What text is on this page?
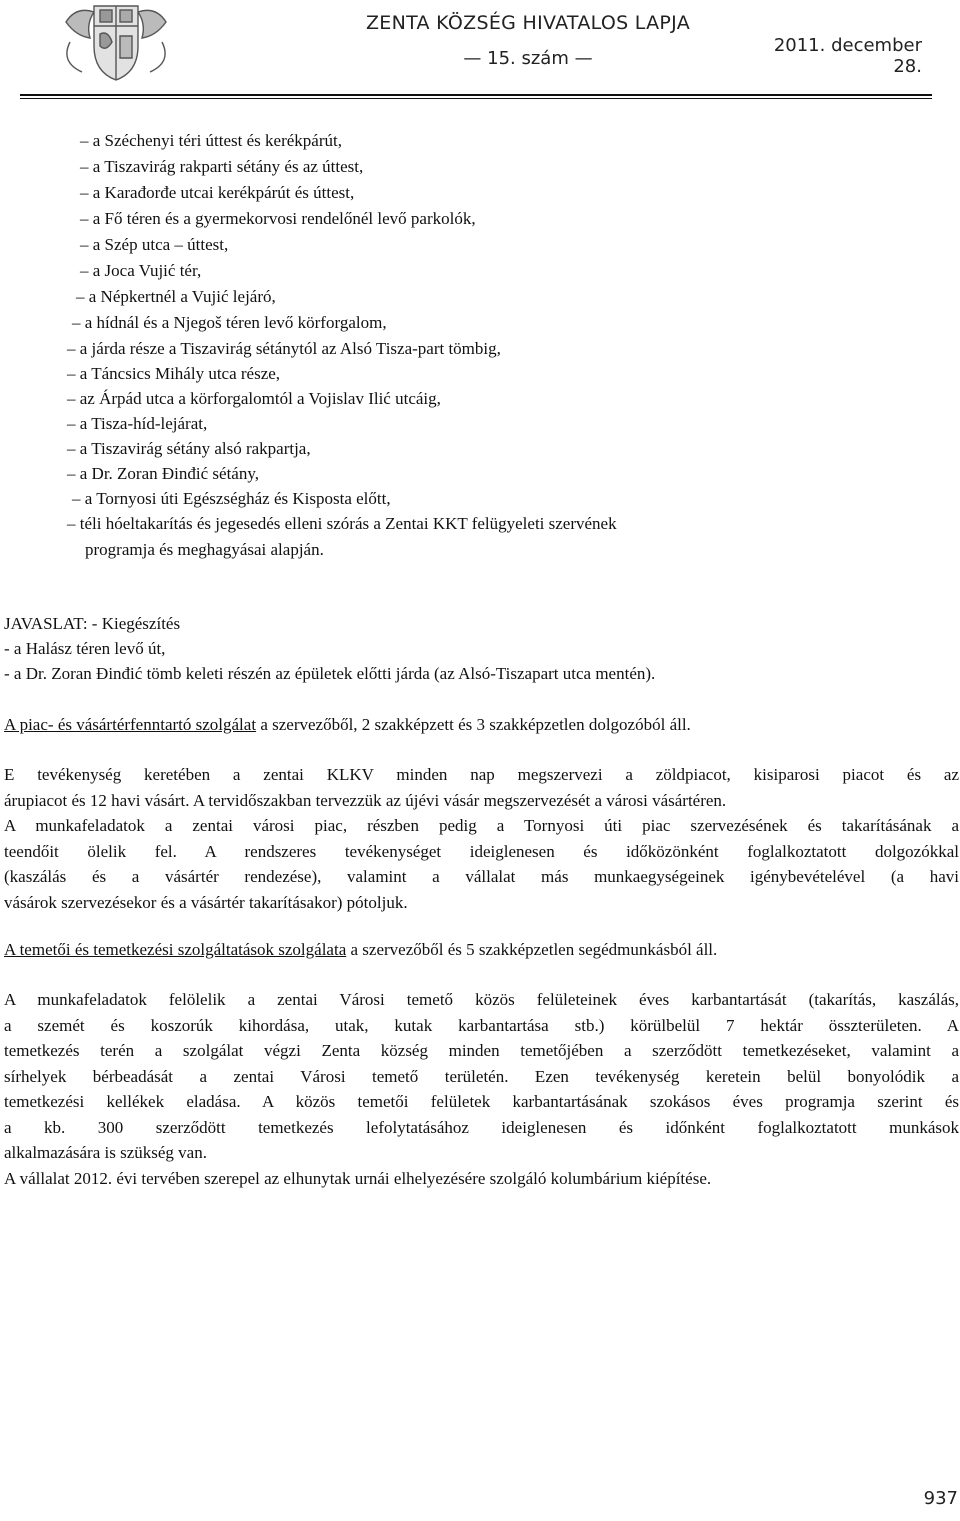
ZENTA KÖZSÉG HIVATALOS LAPJA
— 15. szám —
2011. december 28.
– a Széchenyi téri úttest és kerékpárút,
– a Tiszavirág rakparti sétány és az úttest,
– a Karađorđe utcai kerékpárút és úttest,
– a Fő téren és a gyermekorvosi rendelőnél levő parkolók,
– a Szép utca – úttest,
– a Joca Vujić tér,
– a Népkertnél a Vujić lejáró,
– a hídnál és a Njegoš téren levő körforgalom,
– a járda része a Tiszavirág sétánytól az Alsó Tisza-part tömbig,
– a Táncsics Mihály utca része,
– az Árpád utca a körforgalomtól a Vojislav Ilić utcáig,
– a Tisza-híd-lejárat,
– a Tiszavirág sétány alsó rakpartja,
– a Dr. Zoran Đinđić sétány,
– a Tornyosi úti Egészségház és Kisposta előtt,
– téli hóeltakarítás és jegesedés elleni szórás a Zentai KKT felügyeleti szervének
programja és meghagyásai alapján.
JAVASLAT: - Kiegészítés
- a Halász téren levő út,
- a Dr. Zoran Đinđić tömb keleti részén az épületek előtti járda (az Alsó-Tiszapart utca mentén).
A piac- és vásártérfenntartó szolgálat a szervezőből, 2 szakképzett és 3 szakképzetlen dolgozóból áll.
E tevékenység keretében a zentai KLKV minden nap megszervezi a zöldpiacot, kisiparosi piacot és az
árupiacot és 12 havi vásárt. A tervidőszakban tervezzük az újévi vásár megszervezését a városi vásártéren.
A munkafeladatok a zentai városi piac, részben pedig a Tornyosi úti piac szervezésének és takarításának a
teendőit ölelik fel. A rendszeres tevékenységet ideiglenesen és időközönként foglalkoztatott dolgozókkal
(kaszálás és a vásártér rendezése), valamint a vállalat más munkaegységeinek igénybevételével (a havi
vásárok szervezésekor és a vásártér takarításakor) pótoljuk.
A temetői és temetkezési szolgáltatások szolgálata a szervezőből és 5 szakképzetlen segédmunkásból áll.
A munkafeladatok felölelik a zentai Városi temető közös felületeinek éves karbantartását (takarítás, kaszálás,
a szemét és koszorúk kihordása, utak, kutak karbantartása stb.) körülbelül 7 hektár összterületen. A
temetkezés terén a szolgálat végzi Zenta község minden temetőjében a szerződött temetkezéseket, valamint a
sírhelyek bérbeadását a zentai Városi temető területén. Ezen tevékenység keretein belül bonyolódik a
temetkezési kellékek eladása. A közös temetői felületek karbantartásának szokásos éves programja szerint és
a kb. 300 szerződött temetkezés lefolytatásához ideiglenesen és időnként foglalkoztatott munkások
alkalmazására is szükség van.
A vállalat 2012. évi tervében szerepel az elhunytak urnái elhelyezésére szolgáló kolumbárium kiépítése.
937
